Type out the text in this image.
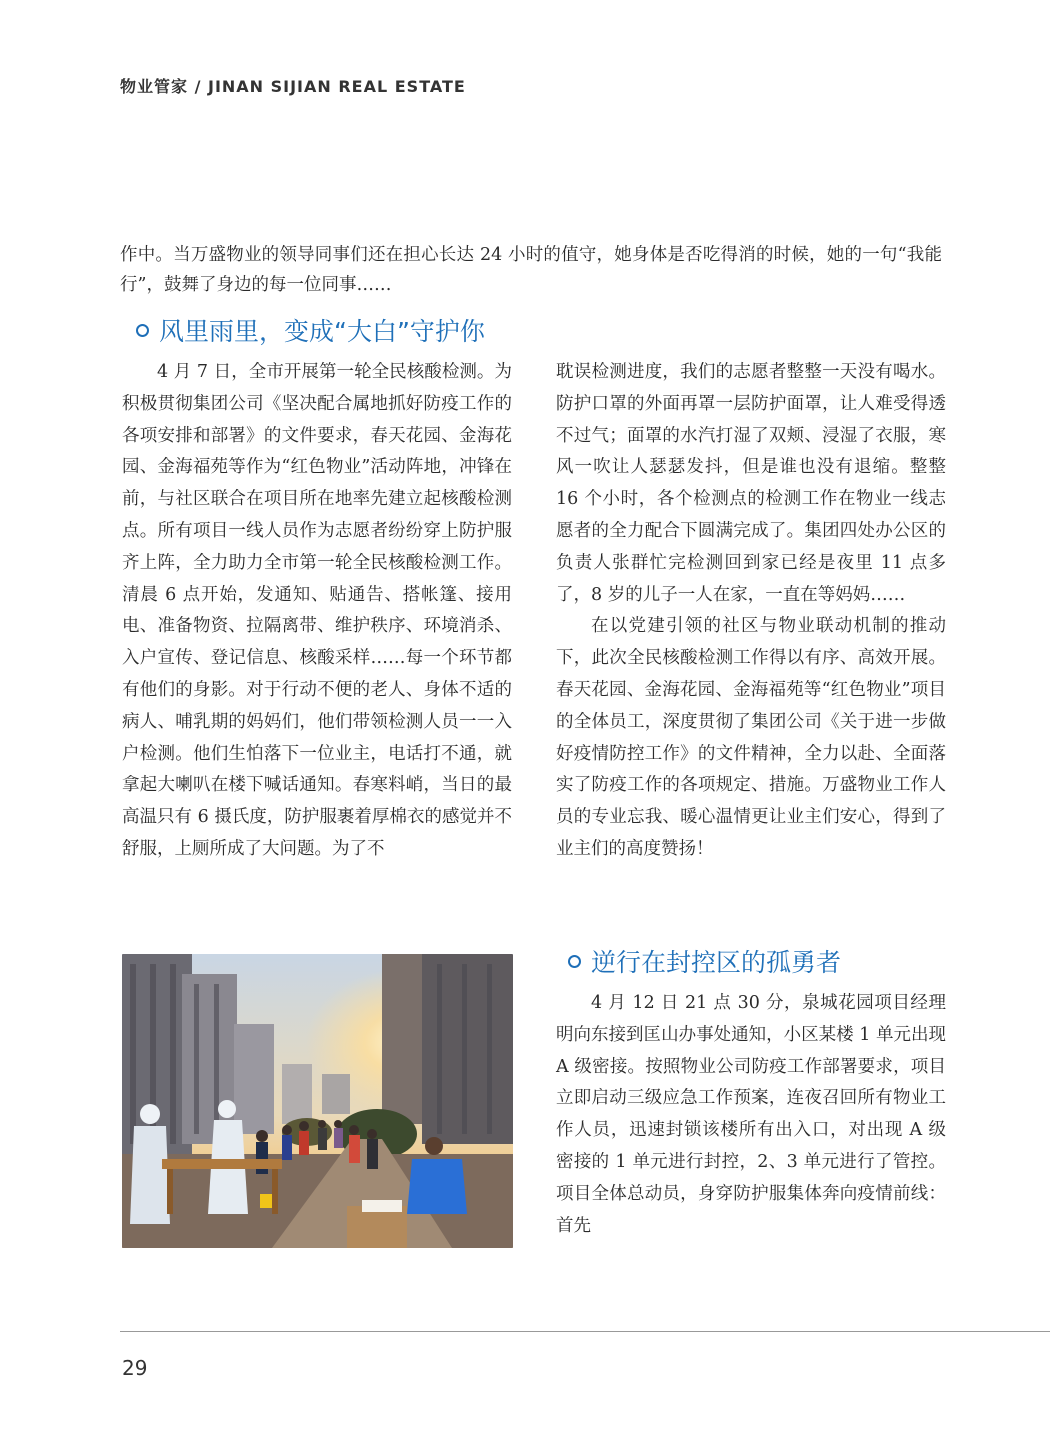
物业管家 / JINAN SIJIAN REAL ESTATE

作中。当万盛物业的领导同事们还在担心长达 24 小时的值守，她身体是否吃得消的时候，她的一句“我能行”，鼓舞了身边的每一位同事……

风里雨里，变成“大白”守护你

4 月 7 日，全市开展第一轮全民核酸检测。为积极贯彻集团公司《坚决配合属地抓好防疫工作的各项安排和部署》的文件要求，春天花园、金海花园、金海福苑等作为“红色物业”活动阵地，冲锋在前，与社区联合在项目所在地率先建立起核酸检测点。所有项目一线人员作为志愿者纷纷穿上防护服齐上阵，全力助力全市第一轮全民核酸检测工作。清晨 6 点开始，发通知、贴通告、搭帐篷、接用电、准备物资、拉隔离带、维护秩序、环境消杀、入户宣传、登记信息、核酸采样……每一个环节都有他们的身影。对于行动不便的老人、身体不适的病人、哺乳期的妈妈们，他们带领检测人员一一入户检测。他们生怕落下一位业主，电话打不通，就拿起大喇叭在楼下喊话通知。春寒料峭，当日的最高温只有 6 摄氏度，防护服裹着厚棉衣的感觉并不舒服，上厕所成了大问题。为了不

耽误检测进度，我们的志愿者整整一天没有喝水。防护口罩的外面再罩一层防护面罩，让人难受得透不过气；面罩的水汽打湿了双颊、浸湿了衣服，寒风一吹让人瑟瑟发抖，但是谁也没有退缩。整整 16 个小时，各个检测点的检测工作在物业一线志愿者的全力配合下圆满完成了。集团四处办公区的负责人张群忙完检测回到家已经是夜里 11 点多了，8 岁的儿子一人在家，一直在等妈妈……

在以党建引领的社区与物业联动机制的推动下，此次全民核酸检测工作得以有序、高效开展。春天花园、金海花园、金海福苑等“红色物业”项目的全体员工，深度贯彻了集团公司《关于进一步做好疫情防控工作》的文件精神，全力以赴、全面落实了防疫工作的各项规定、措施。万盛物业工作人员的专业忘我、暖心温情更让业主们安心，得到了业主们的高度赞扬！

逆行在封控区的孤勇者

4 月 12 日 21 点 30 分，泉城花园项目经理明向东接到匡山办事处通知，小区某楼 1 单元出现 A 级密接。按照物业公司防疫工作部署要求，项目立即启动三级应急工作预案，连夜召回所有物业工作人员，迅速封锁该楼所有出入口，对出现 A 级密接的 1 单元进行封控，2、3 单元进行了管控。项目全体总动员，身穿防护服集体奔向疫情前线：首先

29
